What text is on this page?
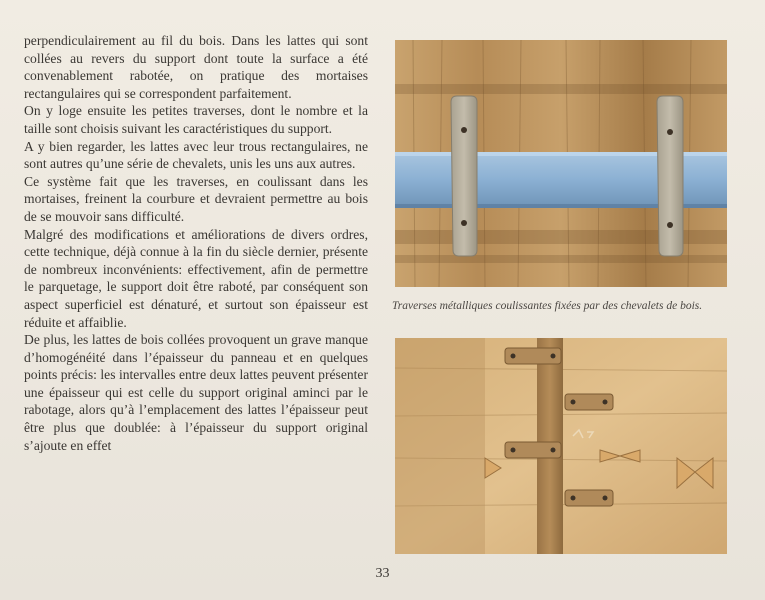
perpendiculairement au fil du bois. Dans les lattes qui sont collées au revers du support dont toute la surface a été convenablement rabotée, on pratique des mortaises rectangulaires qui se correspondent parfaitement.

On y loge ensuite les petites traverses, dont le nombre et la taille sont choisis suivant les caractéristiques du support.

A y bien regarder, les lattes avec leur trous rectangulaires, ne sont autres qu’une série de chevalets, unis les uns aux autres.

Ce système fait que les traverses, en coulissant dans les mortaises, freinent la courbure et devraient permettre au bois de se mouvoir sans difficulté.

Malgré des modifications et améliorations de divers ordres, cette technique, déjà connue à la fin du siècle dernier, présente de nombreux inconvénients: effectivement, afin de permettre le parquetage, le support doit être raboté, par conséquent son aspect superficiel est dénaturé, et surtout son épaisseur est réduite et affaiblie.

De plus, les lattes de bois collées provoquent un grave manque d’homogénéité dans l’épaisseur du panneau et en quelques points précis: les intervalles entre deux lattes peuvent présenter une épaisseur qui est celle du support original aminci par le rabotage, alors qu’à l’emplacement des lattes l’épaisseur peut être plus que doublée: à l’épaisseur du support original s’ajoute en effet

Traverses métalliques coulissantes fixées par des chevalets de bois.
33
